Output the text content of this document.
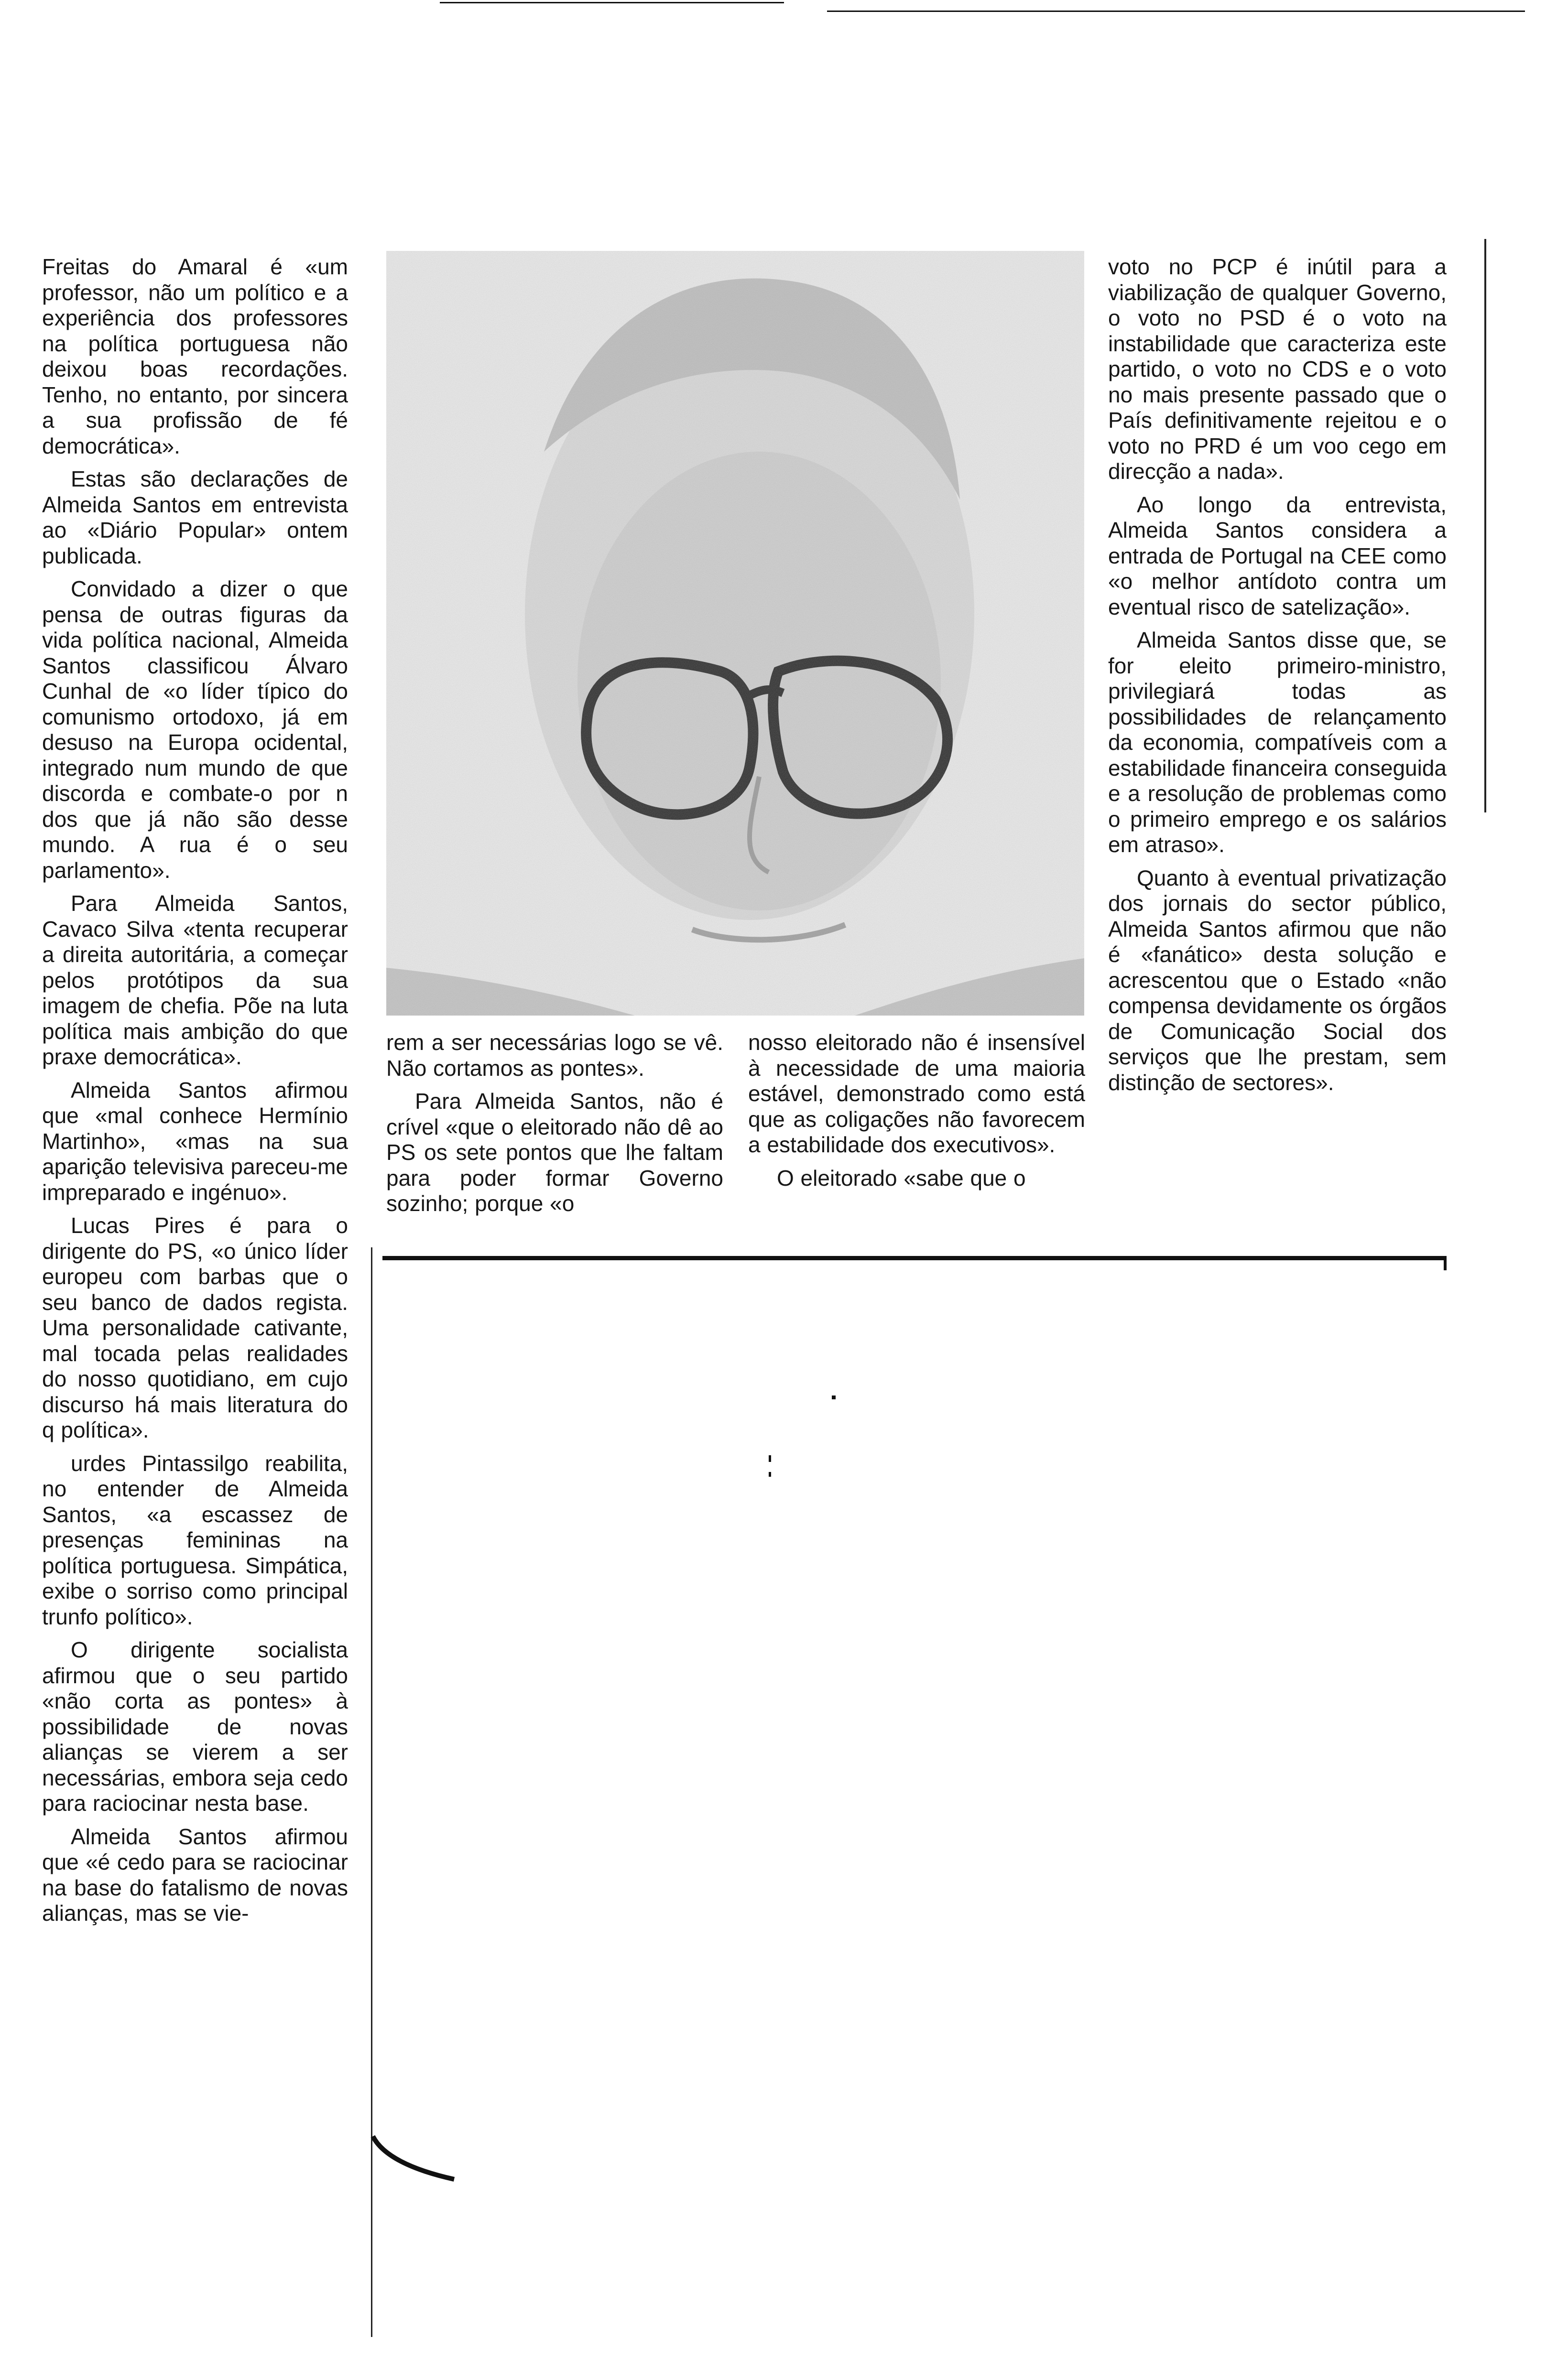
Freitas do Amaral é «um professor, não um político e a experiência dos professores na política portuguesa não deixou boas recordações. Tenho, no entanto, por sincera a sua profissão de fé democrática».

Estas são declarações de Almeida Santos em entrevista ao «Diário Popular» ontem publicada.

Convidado a dizer o que pensa de outras figuras da vida política nacional, Almeida Santos classificou Álvaro Cunhal de «o líder típico do comunismo ortodoxo, já em desuso na Europa ocidental, integrado num mundo de que discorda e combate-o por n dos que já não são desse mundo. A rua é o seu parlamento».

Para Almeida Santos, Cavaco Silva «tenta recuperar a direita autoritária, a começar pelos protótipos da sua imagem de chefia. Põe na luta política mais ambição do que praxe democrática».

Almeida Santos afirmou que «mal conhece Hermínio Martinho», «mas na sua aparição televisiva pareceu-me impreparado e ingénuo».

Lucas Pires é para o dirigente do PS, «o único líder europeu com barbas que o seu banco de dados regista. Uma personalidade cativante, mal tocada pelas realidades do nosso quotidiano, em cujo discurso há mais literatura do q política».

urdes Pintassilgo reabilita, no entender de Almeida Santos, «a escassez de presenças femininas na política portuguesa. Simpática, exibe o sorriso como principal trunfo político».

O dirigente socialista afirmou que o seu partido «não corta as pontes» à possibilidade de novas alianças se vierem a ser necessárias, embora seja cedo para raciocinar nesta base.

Almeida Santos afirmou que «é cedo para se raciocinar na base do fatalismo de novas alianças, mas se vie-

rem a ser necessárias logo se vê. Não cortamos as pontes».

Para Almeida Santos, não é crível «que o eleitorado não dê ao PS os sete pontos que lhe faltam para poder formar Governo sozinho; porque «o

nosso eleitorado não é insensível à necessidade de uma maioria estável, demonstrado como está que as coligações não favorecem a estabilidade dos executivos».

O eleitorado «sabe que o

voto no PCP é inútil para a viabilização de qualquer Governo, o voto no PSD é o voto na instabilidade que caracteriza este partido, o voto no CDS e o voto no mais presente passado que o País definitivamente rejeitou e o voto no PRD é um voo cego em direcção a nada».

Ao longo da entrevista, Almeida Santos considera a entrada de Portugal na CEE como «o melhor antídoto contra um eventual risco de satelização».

Almeida Santos disse que, se for eleito primeiro-ministro, privilegiará todas as possibilidades de relançamento da economia, compatíveis com a estabilidade financeira conseguida e a resolução de problemas como o primeiro emprego e os salários em atraso».

Quanto à eventual privatização dos jornais do sector público, Almeida Santos afirmou que não é «fanático» desta solução e acrescentou que o Estado «não compensa devidamente os órgãos de Comunicação Social dos serviços que lhe prestam, sem distinção de sectores».
